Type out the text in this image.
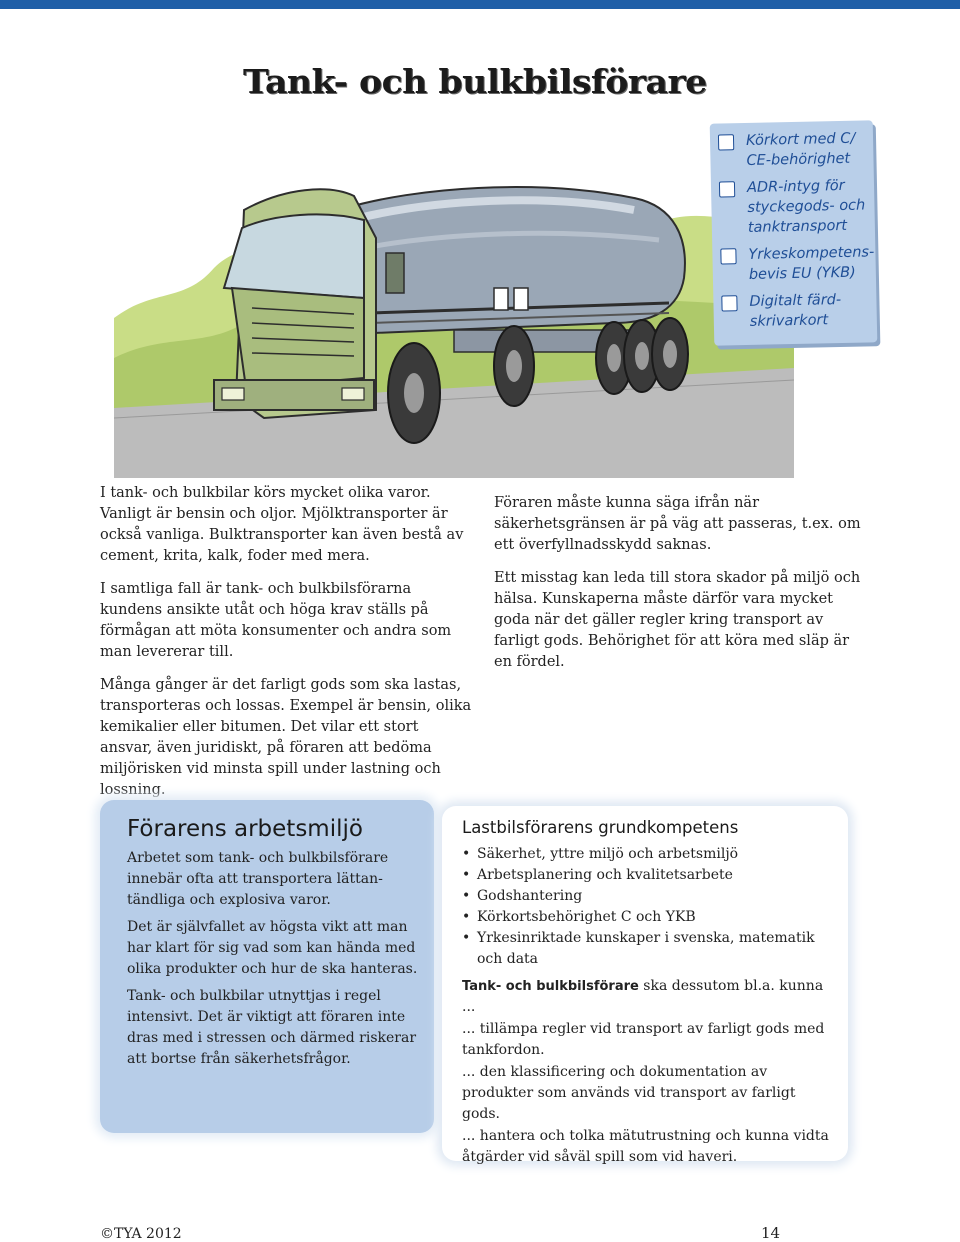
Tank- och bulkbilsförare
Körkort med C/ CE-behörighet
ADR-intyg för styckegods- och tanktransport
Yrkeskompetens-bevis EU (YKB)
Digitalt färd-skrivarkort

I tank- och bulkbilar körs mycket olika varor. Vanligt är bensin och oljor. Mjölktransporter är också vanliga. Bulktransporter kan även bestå av cement, krita, kalk, foder med mera.

I samtliga fall är tank- och bulkbilsförarna kundens ansikte utåt och höga krav ställs på förmågan att möta konsumenter och andra som man levererar till.

Många gånger är det farligt gods som ska lastas, transporteras och lossas. Exempel är bensin, olika kemikalier eller bitumen. Det vilar ett stort ansvar, även juridiskt, på föraren att bedöma miljörisken vid minsta spill under lastning och lossning.

Föraren måste kunna säga ifrån när säkerhetsgränsen är på väg att passeras, t.ex. om ett överfyllnadsskydd saknas.

Ett misstag kan leda till stora skador på miljö och hälsa. Kunskaperna måste därför vara mycket goda när det gäller regler kring transport av farligt gods. Behörighet för att köra med släp är en fördel.

Förarens arbetsmiljö

Arbetet som tank- och bulkbilsförare innebär ofta att transportera lättan-tändliga och explosiva varor.

Det är självfallet av högsta vikt att man har klart för sig vad som kan hända med olika produkter och hur de ska hanteras.

Tank- och bulkbilar utnyttjas i regel intensivt. Det är viktigt att föraren inte dras med i stressen och därmed riskerar att bortse från säkerhetsfrågor.

Lastbilsförarens grundkompetens
• Säkerhet, yttre miljö och arbetsmiljö
• Arbetsplanering och kvalitetsarbete
• Godshantering
• Körkortsbehörighet C och YKB
• Yrkesinriktade kunskaper i svenska, matematik och data

Tank- och bulkbilsförare ska dessutom bl.a. kunna ...

... tillämpa regler vid transport av farligt gods med tankfordon.

... den klassificering och dokumentation av produkter som används vid transport av farligt gods.

... hantera och tolka mätutrustning och kunna vidta åtgärder vid såväl spill som vid haveri.

©TYA 2012	14
